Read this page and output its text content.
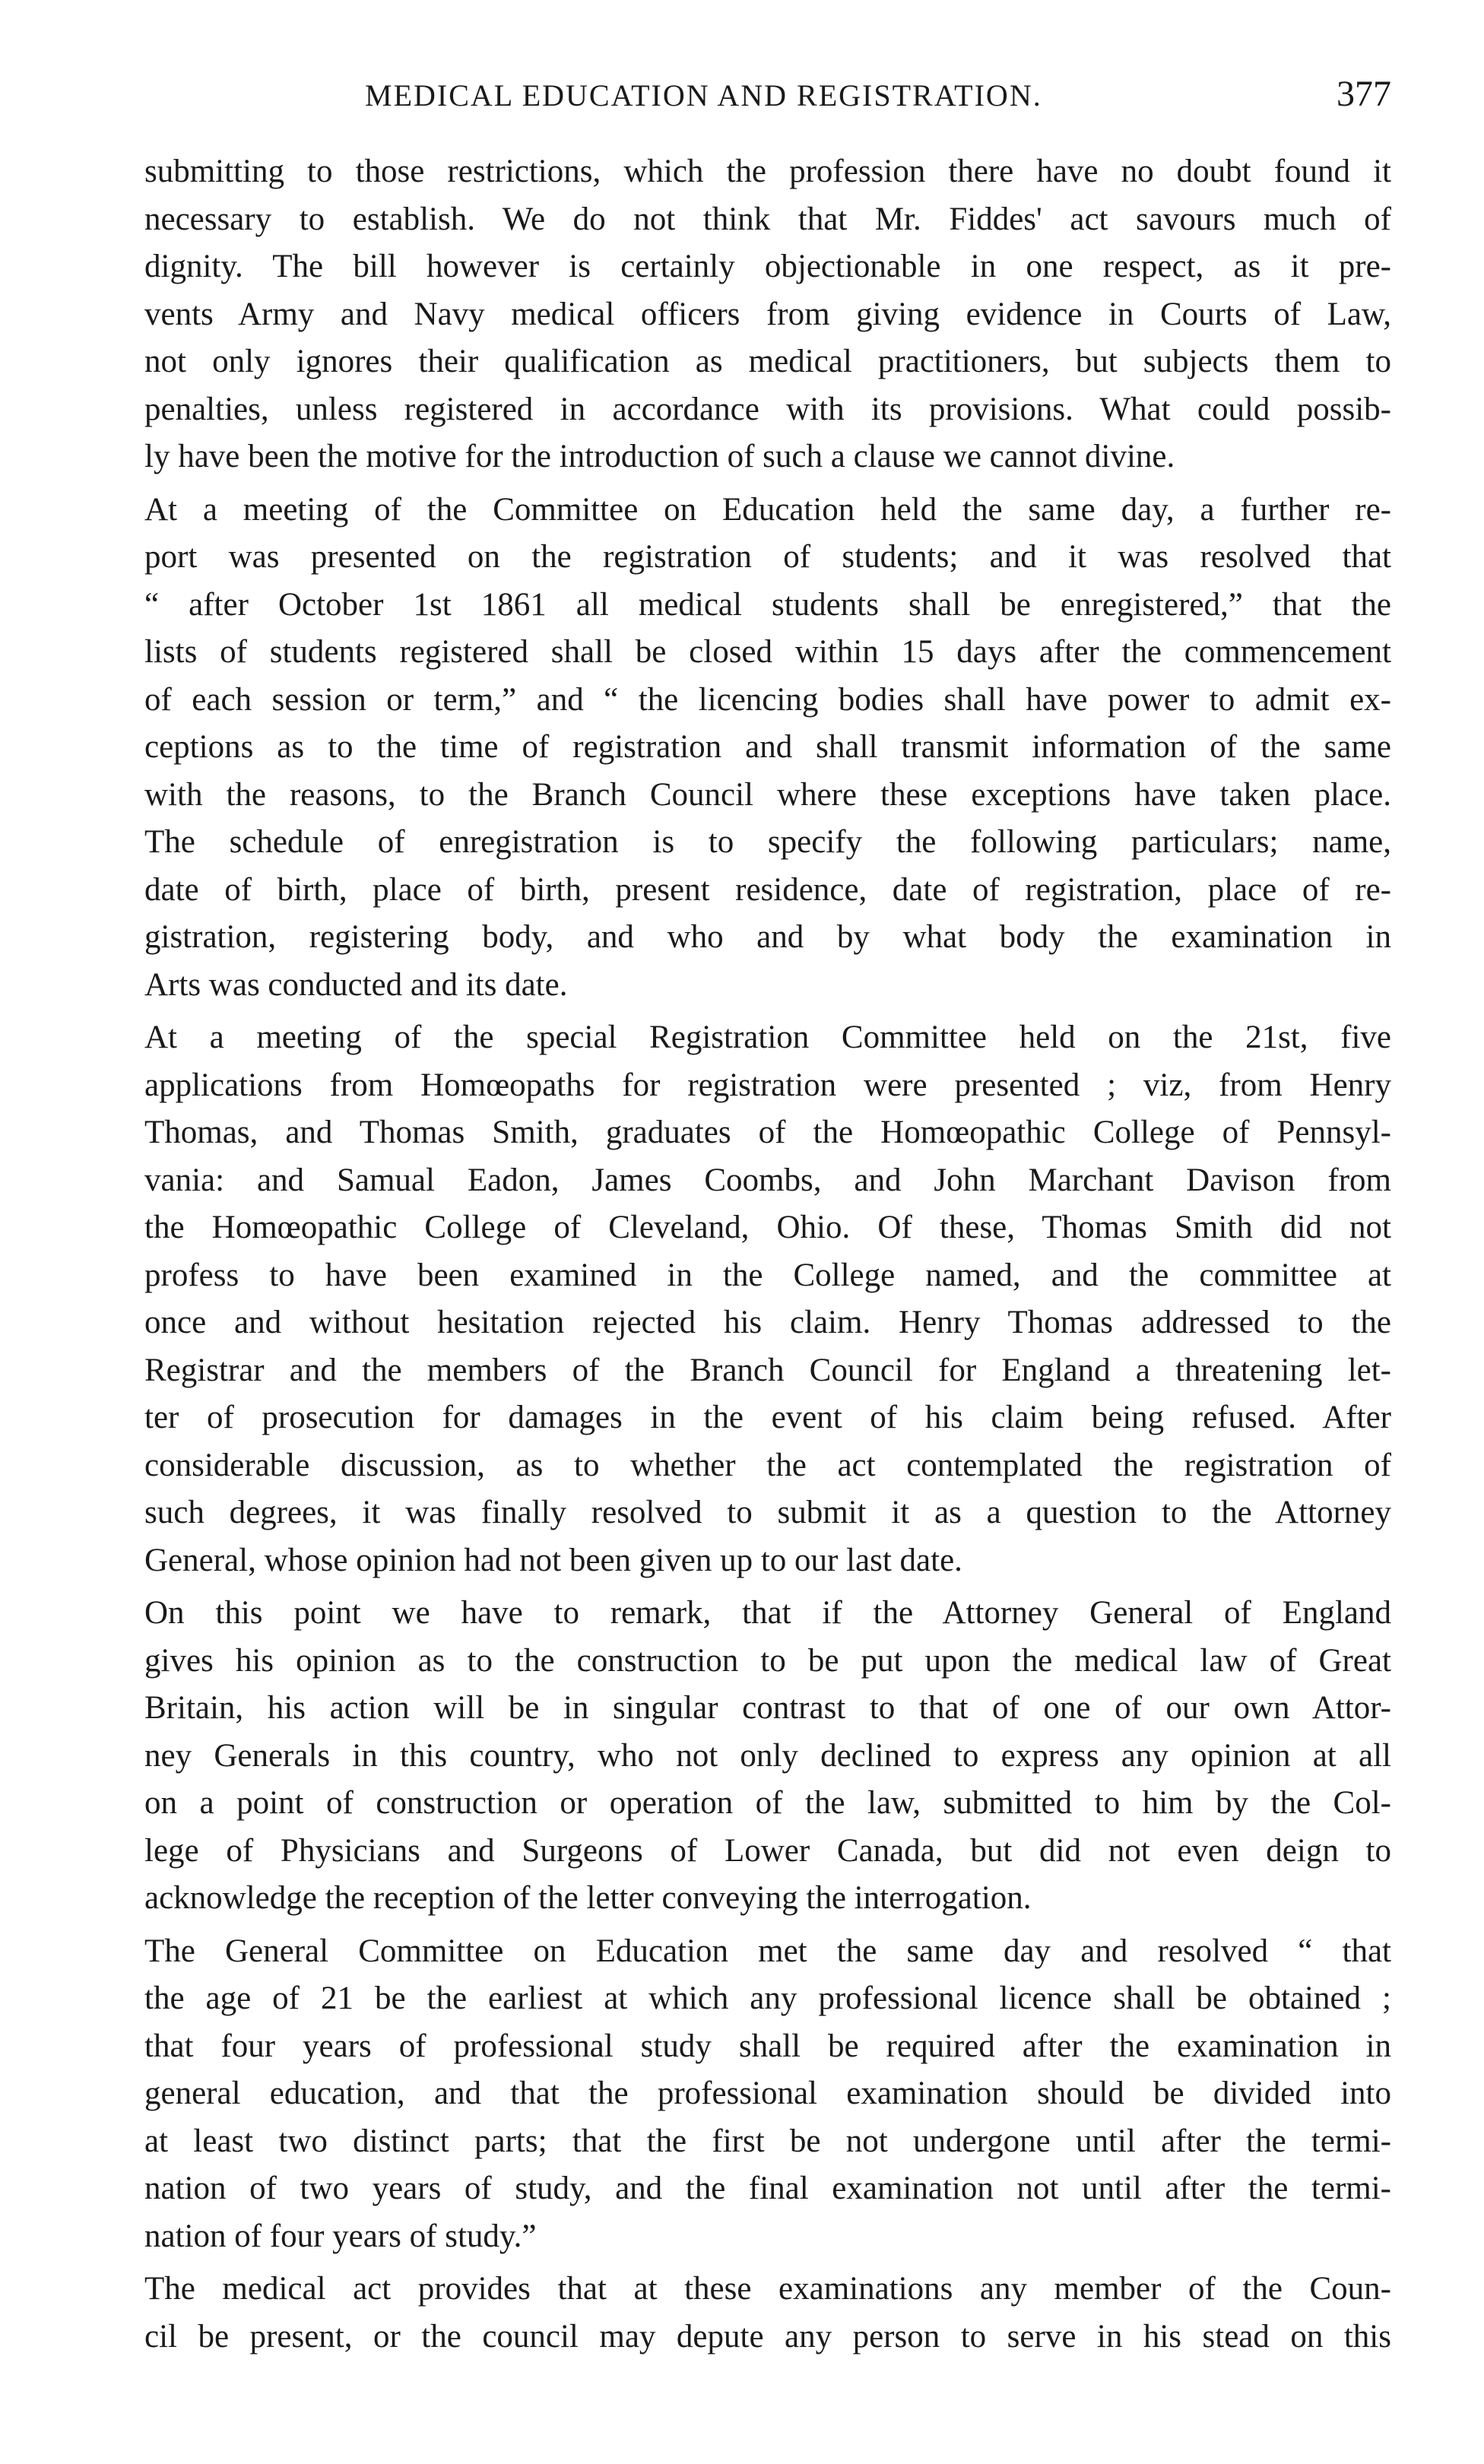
MEDICAL EDUCATION AND REGISTRATION.	377

submitting to those restrictions, which the profession there have no doubt found it
necessary to establish. We do not think that Mr. Fiddes' act savours much of
dignity. The bill however is certainly objectionable in one respect, as it pre-
vents Army and Navy medical officers from giving evidence in Courts of Law,
not only ignores their qualification as medical practitioners, but subjects them to
penalties, unless registered in accordance with its provisions. What could possib-
ly have been the motive for the introduction of such a clause we cannot divine.

At a meeting of the Committee on Education held the same day, a further re-
port was presented on the registration of students; and it was resolved that
“ after October 1st 1861 all medical students shall be enregistered,” that the
lists of students registered shall be closed within 15 days after the commencement
of each session or term,” and “ the licencing bodies shall have power to admit ex-
ceptions as to the time of registration and shall transmit information of the same
with the reasons, to the Branch Council where these exceptions have taken place.
The schedule of enregistration is to specify the following particulars; name,
date of birth, place of birth, present residence, date of registration, place of re-
gistration, registering body, and who and by what body the examination in
Arts was conducted and its date.

At a meeting of the special Registration Committee held on the 21st, five
applications from Homœopaths for registration were presented ; viz, from Henry
Thomas, and Thomas Smith, graduates of the Homœopathic College of Pennsyl-
vania: and Samual Eadon, James Coombs, and John Marchant Davison from
the Homœopathic College of Cleveland, Ohio. Of these, Thomas Smith did not
profess to have been examined in the College named, and the committee at
once and without hesitation rejected his claim. Henry Thomas addressed to the
Registrar and the members of the Branch Council for England a threatening let-
ter of prosecution for damages in the event of his claim being refused. After
considerable discussion, as to whether the act contemplated the registration of
such degrees, it was finally resolved to submit it as a question to the Attorney
General, whose opinion had not been given up to our last date.

On this point we have to remark, that if the Attorney General of England
gives his opinion as to the construction to be put upon the medical law of Great
Britain, his action will be in singular contrast to that of one of our own Attor-
ney Generals in this country, who not only declined to express any opinion at all
on a point of construction or operation of the law, submitted to him by the Col-
lege of Physicians and Surgeons of Lower Canada, but did not even deign to
acknowledge the reception of the letter conveying the interrogation.

The General Committee on Education met the same day and resolved “ that
the age of 21 be the earliest at which any professional licence shall be obtained ;
that four years of professional study shall be required after the examination in
general education, and that the professional examination should be divided into
at least two distinct parts; that the first be not undergone until after the termi-
nation of two years of study, and the final examination not until after the termi-
nation of four years of study.”

The medical act provides that at these examinations any member of the Coun-
cil be present, or the council may depute any person to serve in his stead on this
